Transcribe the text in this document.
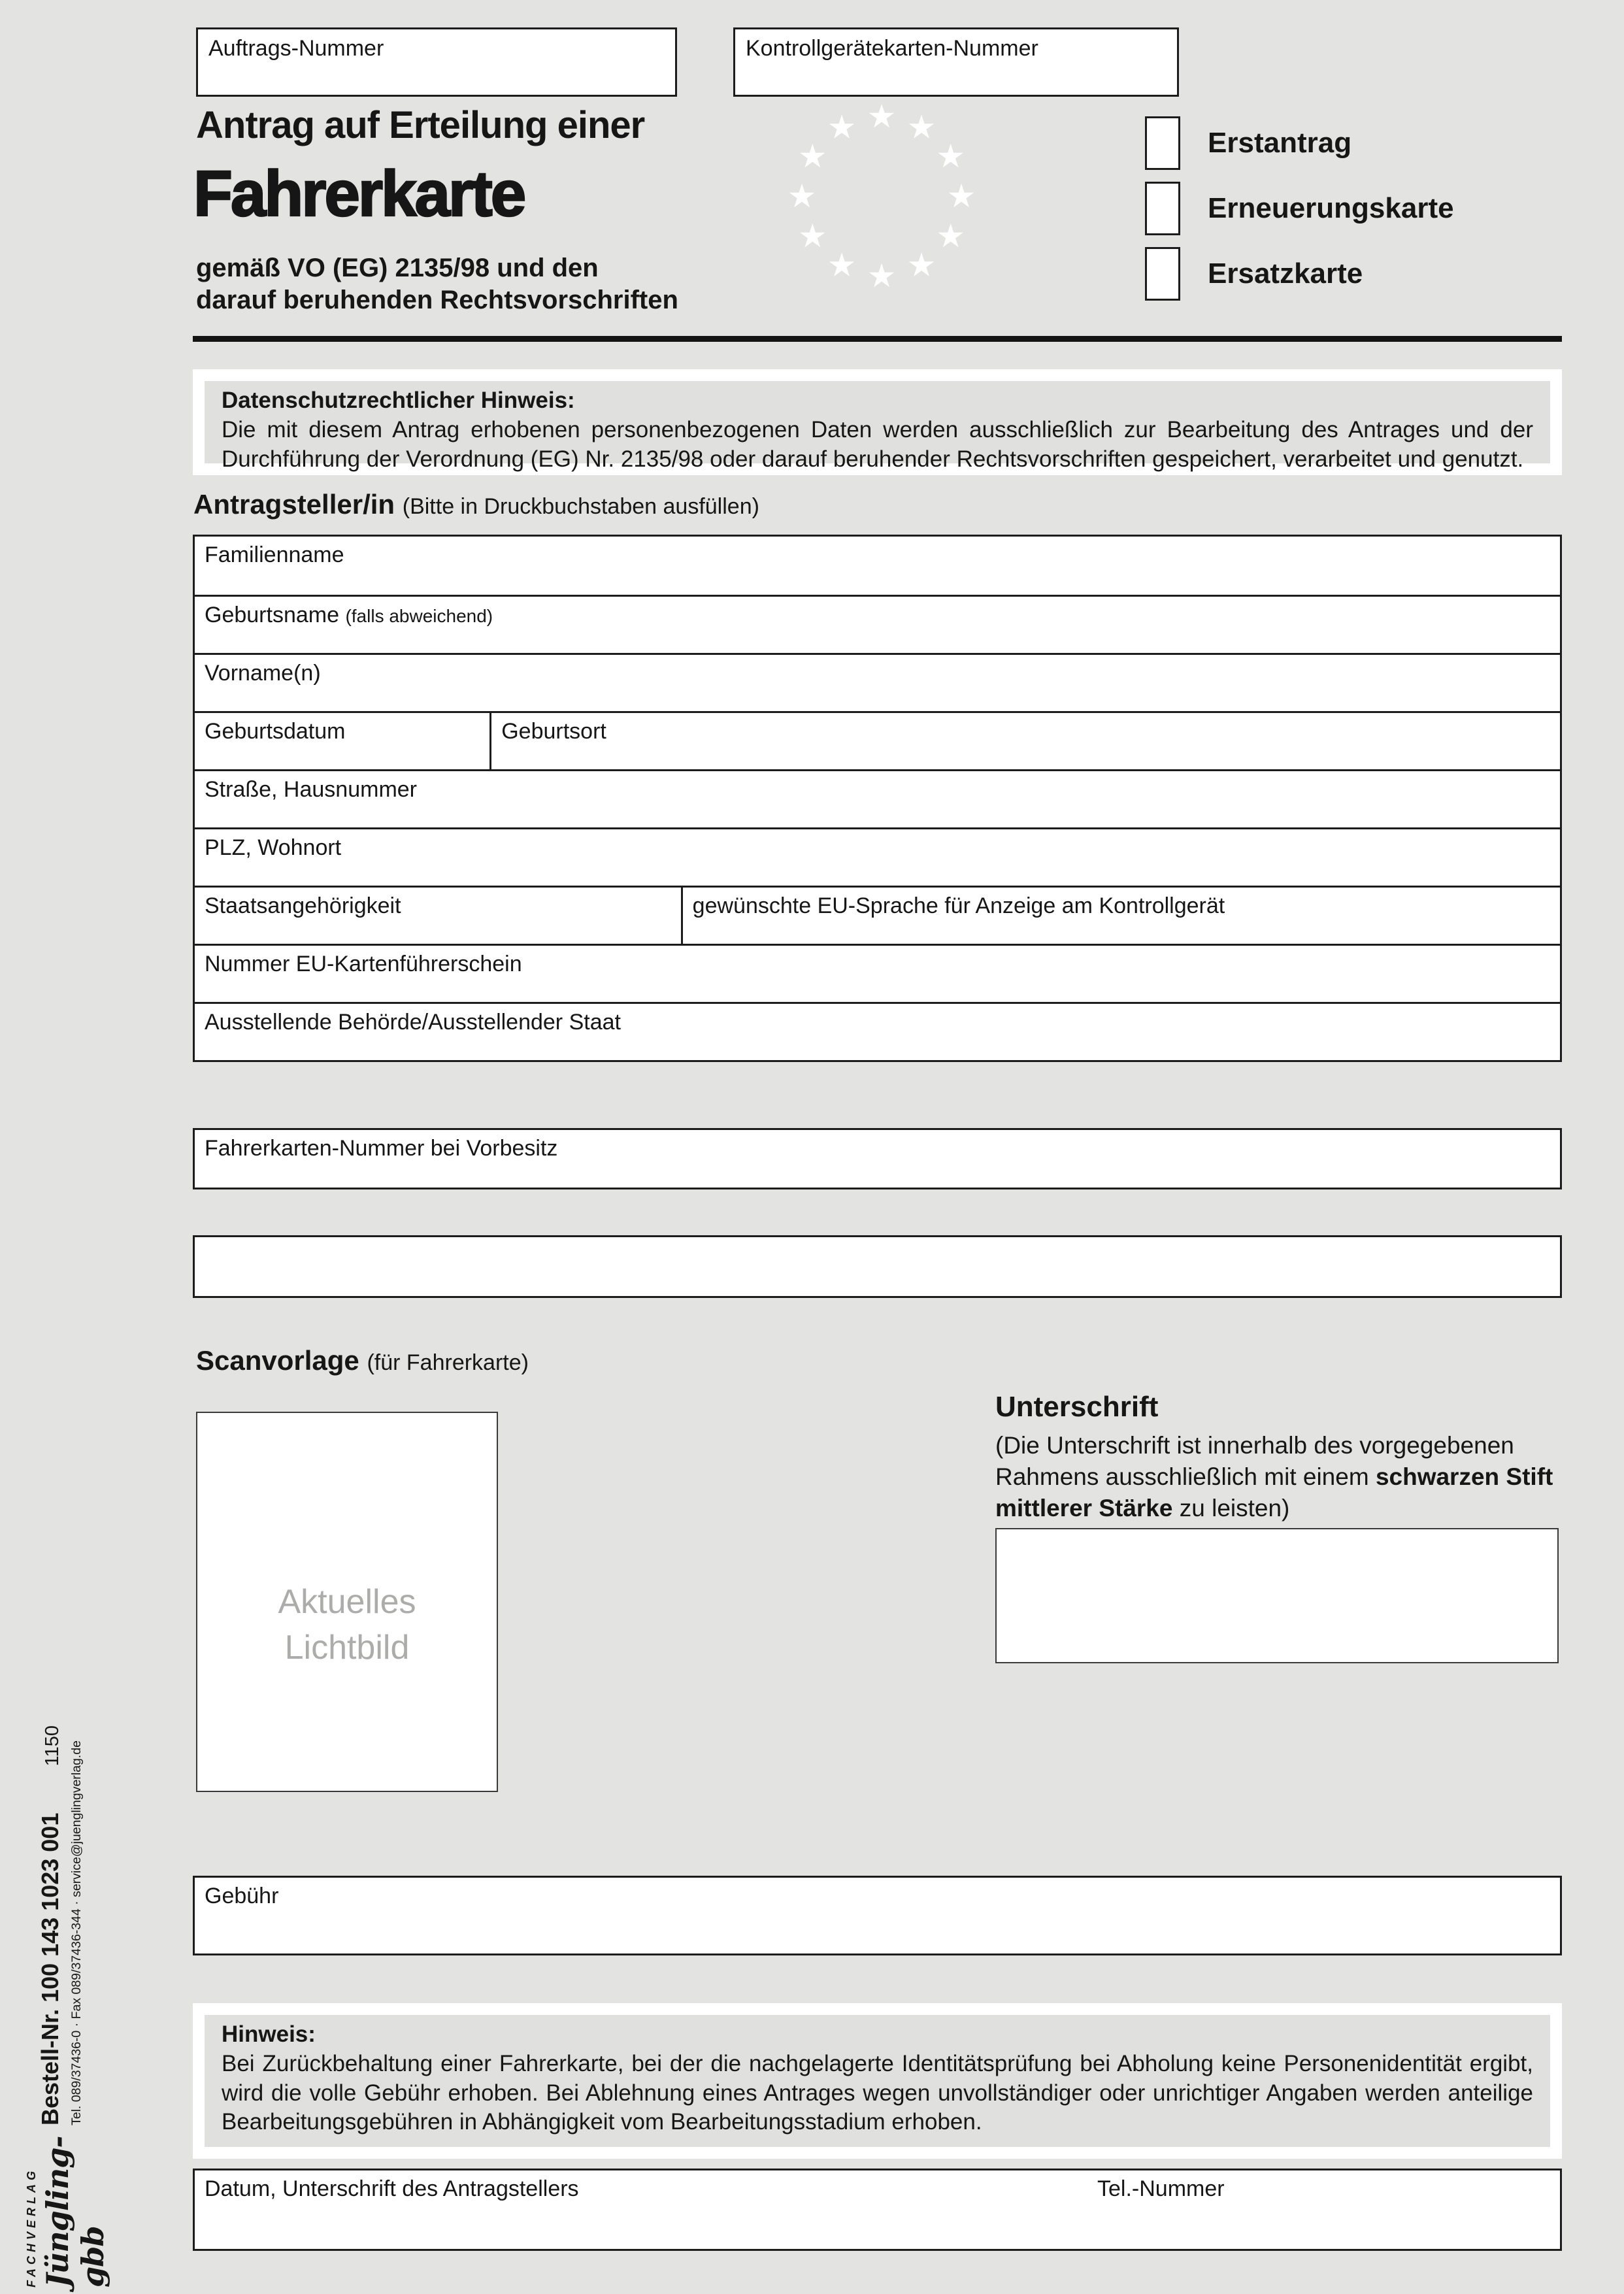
Auftrags-Nummer	Kontrollgerätekarten-Nummer
Antrag auf Erteilung einer
Fahrerkarte
gemäß VO (EG) 2135/98 und den
darauf beruhenden Rechtsvorschriften
★ ★
★
★
★
★
★
★
★
★
★
★	Erstantrag
Erneuerungskarte
Ersatzkarte
Datenschutzrechtlicher Hinweis:
Die mit diesem Antrag erhobenen personenbezogenen Daten werden ausschließlich zur Bearbeitung des Antrages und der Durchführung der Verordnung (EG) Nr. 2135/98 oder darauf beruhender Rechtsvorschriften gespeichert, verarbeitet und genutzt.
Antragsteller/in (Bitte in Druckbuchstaben ausfüllen)
Familienname
Geburtsname (falls abweichend)
Vorname(n)
Geburtsdatum	Geburtsort
Straße, Hausnummer
PLZ, Wohnort
Staatsangehörigkeit	gewünschte EU-Sprache für Anzeige am Kontrollgerät
Nummer EU-Kartenführerschein
Ausstellende Behörde/Ausstellender Staat
Fahrerkarten-Nummer bei Vorbesitz
Scanvorlage (für Fahrerkarte)
Aktuelles Lichtbild
Unterschrift
(Die Unterschrift ist innerhalb des vorgegebenen Rahmens ausschließlich mit einem schwarzen Stift mittlerer Stärke zu leisten)
Gebühr
Hinweis:
Bei Zurückbehaltung einer Fahrerkarte, bei der die nachgelagerte Identitätsprüfung bei Abholung keine Personenidentität ergibt, wird die volle Gebühr erhoben. Bei Ablehnung eines Antrages wegen unvollständiger oder unrichtiger Angaben werden anteilige Bearbeitungsgebühren in Abhängigkeit vom Bearbeitungsstadium erhoben.
Datum, Unterschrift des Antragstellers	Tel.-Nummer
Bestell-Nr. 100 143 1023 001
1150 Tel. 089/37436-0 · Fax 089/37436-344 · service@juenglingverlag.de
FACHVERLAG Jüngling-gbb
